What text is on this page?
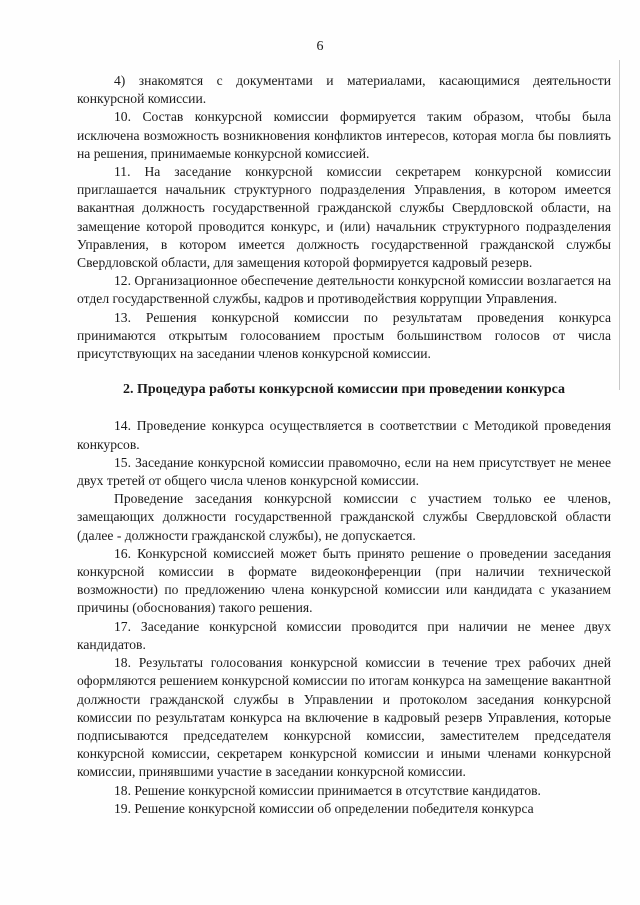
6

4) знакомятся с документами и материалами, касающимися деятельности конкурсной комиссии.

10. Состав конкурсной комиссии формируется таким образом, чтобы была исключена возможность возникновения конфликтов интересов, которая могла бы повлиять на решения, принимаемые конкурсной комиссией.

11. На заседание конкурсной комиссии секретарем конкурсной комиссии приглашается начальник структурного подразделения Управления, в котором имеется вакантная должность государственной гражданской службы Свердловской области, на замещение которой проводится конкурс, и (или) начальник структурного подразделения Управления, в котором имеется должность государственной гражданской службы Свердловской области, для замещения которой формируется кадровый резерв.

12. Организационное обеспечение деятельности конкурсной комиссии возлагается на отдел государственной службы, кадров и противодействия коррупции Управления.

13. Решения конкурсной комиссии по результатам проведения конкурса принимаются открытым голосованием простым большинством голосов от числа присутствующих на заседании членов конкурсной комиссии.

2. Процедура работы конкурсной комиссии при проведении конкурса

14. Проведение конкурса осуществляется в соответствии с Методикой проведения конкурсов.

15. Заседание конкурсной комиссии правомочно, если на нем присутствует не менее двух третей от общего числа членов конкурсной комиссии.

Проведение заседания конкурсной комиссии с участием только ее членов, замещающих должности государственной гражданской службы Свердловской области (далее - должности гражданской службы), не допускается.

16. Конкурсной комиссией может быть принято решение о проведении заседания конкурсной комиссии в формате видеоконференции (при наличии технической возможности) по предложению члена конкурсной комиссии или кандидата с указанием причины (обоснования) такого решения.

17. Заседание конкурсной комиссии проводится при наличии не менее двух кандидатов.

18. Результаты голосования конкурсной комиссии в течение трех рабочих дней оформляются решением конкурсной комиссии по итогам конкурса на замещение вакантной должности гражданской службы в Управлении и протоколом заседания конкурсной комиссии по результатам конкурса на включение в кадровый резерв Управления, которые подписываются председателем конкурсной комиссии, заместителем председателя конкурсной комиссии, секретарем конкурсной комиссии и иными членами конкурсной комиссии, принявшими участие в заседании конкурсной комиссии.

18. Решение конкурсной комиссии принимается в отсутствие кандидатов.

19. Решение конкурсной комиссии об определении победителя конкурса
